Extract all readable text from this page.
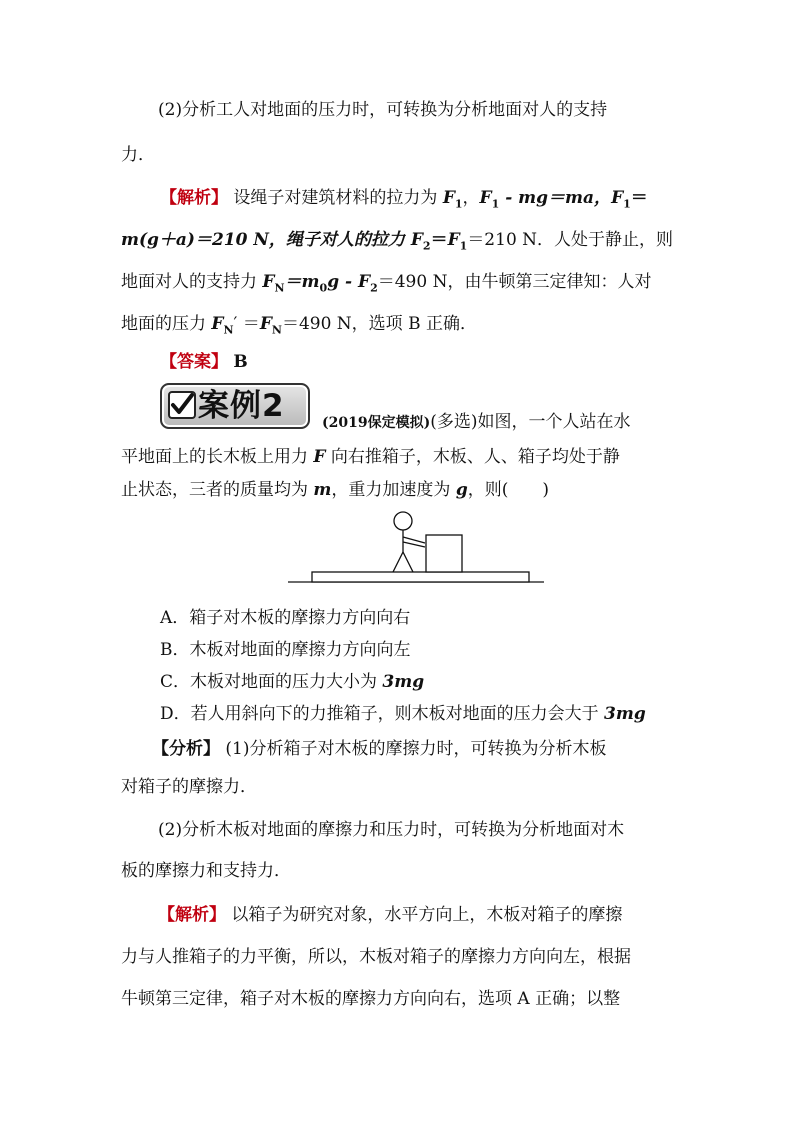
(2)分析工人对地面的压力时，可转换为分析地面对人的支持
力．
【解析】 设绳子对建筑材料的拉力为 $F_1$，$F_1 - mg=ma$，$F_1=$
m(g＋a)＝210 N，绳子对人的拉力 $F_2=F_1=210$ N．人处于静止，则
地面对人的支持力 $F_N=m_0g - F_2=490$ N，由牛顿第三定律知：人对
地面的压力 $F_N' =F_N=490$ N，选项 B 正确．
【答案】 B
案例2	(2019保定模拟)(多选)如图，一个人站在水
平地面上的长木板上用力 F 向右推箱子，木板、人、箱子均处于静
止状态，三者的质量均为 m，重力加速度为 g，则(　　)
A．箱子对木板的摩擦力方向向右
B．木板对地面的摩擦力方向向左
C．木板对地面的压力大小为 3mg
D．若人用斜向下的力推箱子，则木板对地面的压力会大于 3mg
【分析】 (1)分析箱子对木板的摩擦力时，可转换为分析木板
对箱子的摩擦力．
(2)分析木板对地面的摩擦力和压力时，可转换为分析地面对木
板的摩擦力和支持力．
【解析】 以箱子为研究对象，水平方向上，木板对箱子的摩擦
力与人推箱子的力平衡，所以，木板对箱子的摩擦力方向向左，根据
牛顿第三定律，箱子对木板的摩擦力方向向右，选项 A 正确；以整
